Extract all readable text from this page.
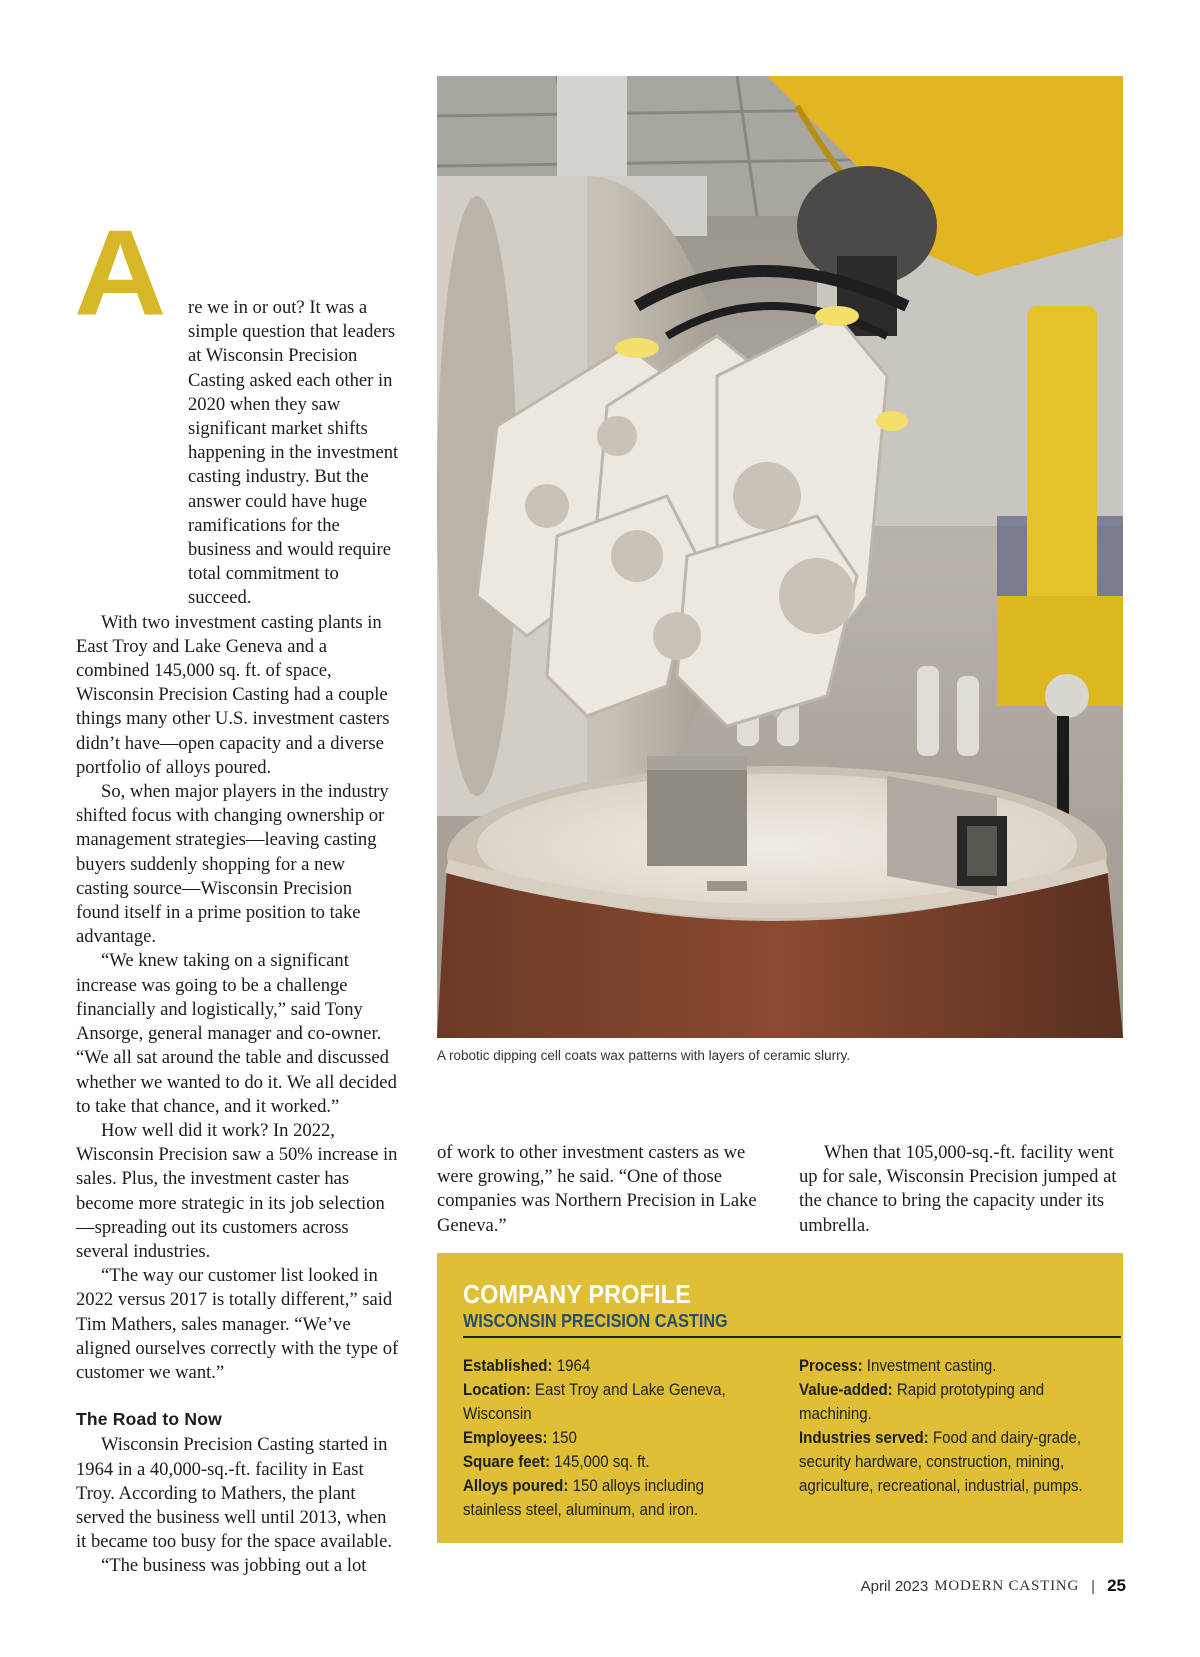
A	re we in or out? It was a simple question that leaders at Wisconsin Precision Casting asked each other in 2020 when they saw significant market shifts happening in the investment casting industry. But the answer could have huge ramifications for the business and would require total commitment to succeed.

With two investment casting plants in East Troy and Lake Geneva and a combined 145,000 sq. ft. of space, Wisconsin Precision Casting had a couple things many other U.S. investment casters didn’t have—open capacity and a diverse portfolio of alloys poured.

So, when major players in the industry shifted focus with changing ownership or management strategies—leaving casting buyers suddenly shopping for a new casting source—Wisconsin Precision found itself in a prime position to take advantage.

“We knew taking on a significant increase was going to be a challenge financially and logistically,” said Tony Ansorge, general manager and co-owner. “We all sat around the table and discussed whether we wanted to do it. We all decided to take that chance, and it worked.”

How well did it work? In 2022, Wisconsin Precision saw a 50% increase in sales. Plus, the investment caster has become more strategic in its job selection—spreading out its customers across several industries.

“The way our customer list looked in 2022 versus 2017 is totally different,” said Tim Mathers, sales manager. “We’ve aligned ourselves correctly with the type of customer we want.”

The Road to Now

Wisconsin Precision Casting started in 1964 in a 40,000-sq.-ft. facility in East Troy. According to Mathers, the plant served the business well until 2013, when it became too busy for the space available.

“The business was jobbing out a lot

A robotic dipping cell coats wax patterns with layers of ceramic slurry.

of work to other investment casters as we were growing,” he said. “One of those companies was Northern Precision in Lake Geneva.”

When that 105,000-sq.-ft. facility went up for sale, Wisconsin Precision jumped at the chance to bring the capacity under its umbrella.

COMPANY PROFILE
WISCONSIN PRECISION CASTING
Established: 1964
Location: East Troy and Lake Geneva, Wisconsin
Employees: 150
Square feet: 145,000 sq. ft.
Alloys poured: 150 alloys including stainless steel, aluminum, and iron.
Process: Investment casting.
Value-added: Rapid prototyping and machining.
Industries served: Food and dairy-grade, security hardware, construction, mining, agriculture, recreational, industrial, pumps.
April 2023 MODERN CASTING | 25
